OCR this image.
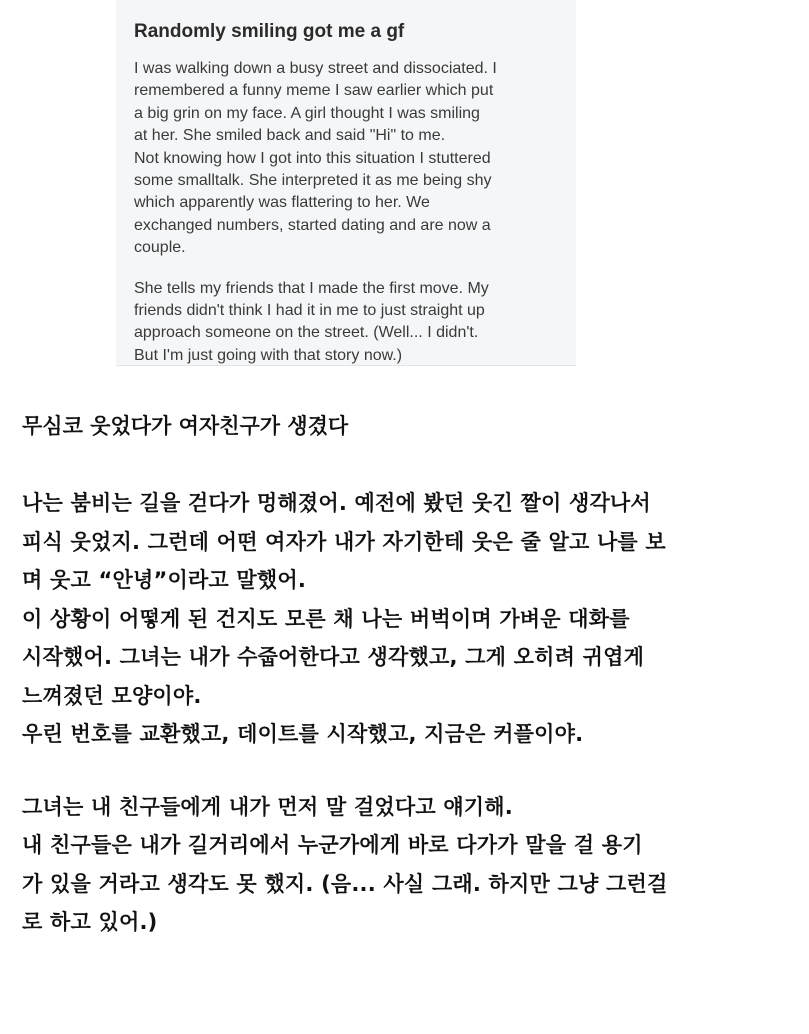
Randomly smiling got me a gf

I was walking down a busy street and dissociated. I
remembered a funny meme I saw earlier which put
a big grin on my face. A girl thought I was smiling
at her. She smiled back and said "Hi" to me.
Not knowing how I got into this situation I stuttered
some smalltalk. She interpreted it as me being shy
which apparently was flattering to her. We
exchanged numbers, started dating and are now a
couple.

She tells my friends that I made the first move. My
friends didn't think I had it in me to just straight up
approach someone on the street. (Well... I didn't.
But I'm just going with that story now.)

무심코 웃었다가 여자친구가 생겼다
나는 붐비는 길을 걷다가 멍해졌어. 예전에 봤던 웃긴 짤이 생각나서
피식 웃었지. 그런데 어떤 여자가 내가 자기한테 웃은 줄 알고 나를 보
며 웃고 “안녕”이라고 말했어.
이 상황이 어떻게 된 건지도 모른 채 나는 버벅이며 가벼운 대화를
시작했어. 그녀는 내가 수줍어한다고 생각했고, 그게 오히려 귀엽게
느껴졌던 모양이야.
우린 번호를 교환했고, 데이트를 시작했고, 지금은 커플이야.
그녀는 내 친구들에게 내가 먼저 말 걸었다고 얘기해.
내 친구들은 내가 길거리에서 누군가에게 바로 다가가 말을 걸 용기
가 있을 거라고 생각도 못 했지. (음... 사실 그래. 하지만 그냥 그런걸
로 하고 있어.)
